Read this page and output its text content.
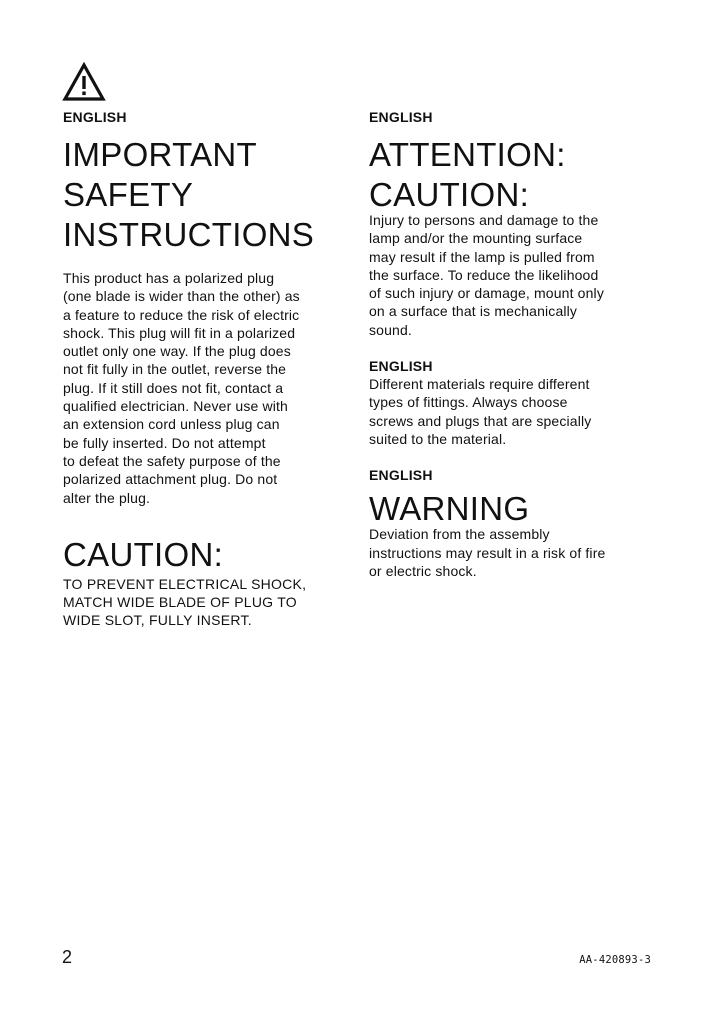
ENGLISH

IMPORTANT
SAFETY
INSTRUCTIONS

This product has a polarized plug
(one blade is wider than the other) as
a feature to reduce the risk of electric
shock. This plug will fit in a polarized
outlet only one way. If the plug does
not fit fully in the outlet, reverse the
plug. If it still does not fit, contact a
qualified electrician. Never use with
an extension cord unless plug can
be fully inserted. Do not attempt
to defeat the safety purpose of the
polarized attachment plug. Do not
alter the plug.

CAUTION:

TO PREVENT ELECTRICAL SHOCK,
MATCH WIDE BLADE OF PLUG TO
WIDE SLOT, FULLY INSERT.

ENGLISH

ATTENTION:
CAUTION:

Injury to persons and damage to the
lamp and/or the mounting surface
may result if the lamp is pulled from
the surface. To reduce the likelihood
of such injury or damage, mount only
on a surface that is mechanically
sound.

ENGLISH

Different materials require different
types of fittings. Always choose
screws and plugs that are specially
suited to the material.

ENGLISH

WARNING

Deviation from the assembly
instructions may result in a risk of fire
or electric shock.

2	AA-420893-3
